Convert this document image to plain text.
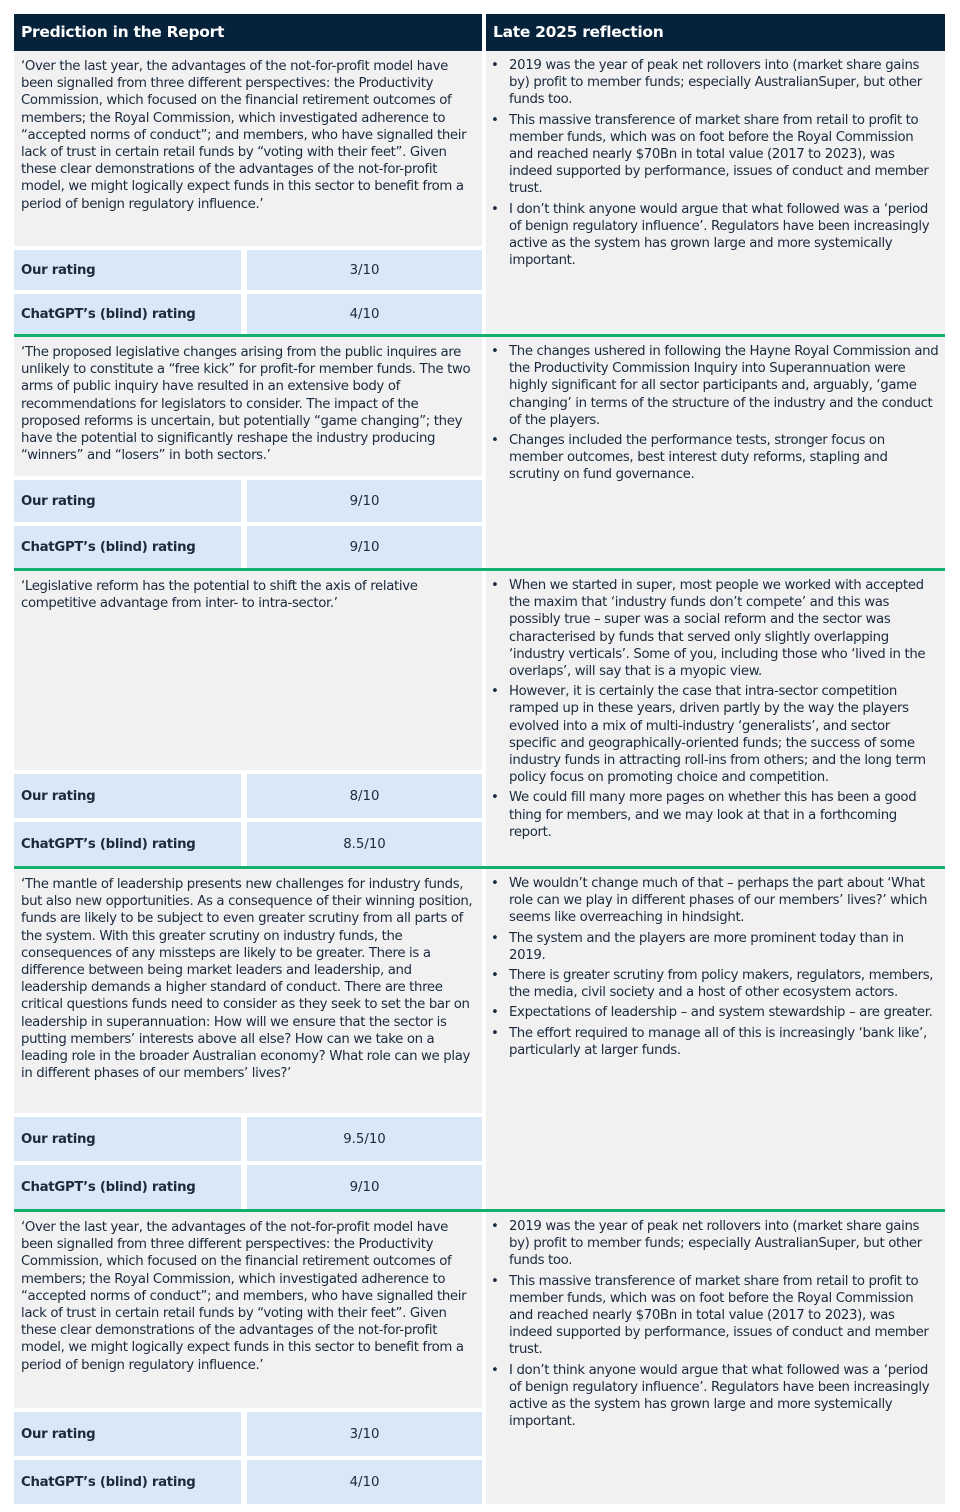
Prediction in the Report	Late 2025 reflection
‘Over the last year, the advantages of the not-for-profit model have been signalled from three different perspectives: the Productivity Commission, which focused on the financial retirement outcomes of members; the Royal Commission, which investigated adherence to “accepted norms of conduct”; and members, who have signalled their lack of trust in certain retail funds by “voting with their feet”. Given these clear demonstrations of the advantages of the not-for-profit model, we might logically expect funds in this sector to benefit from a period of benign regulatory influence.’
Our rating	3/10
ChatGPT’s (blind) rating	4/10
• 2019 was the year of peak net rollovers into (market share gains by) profit to member funds; especially AustralianSuper, but other funds too.
• This massive transference of market share from retail to profit to member funds, which was on foot before the Royal Commission and reached nearly $70Bn in total value (2017 to 2023), was indeed supported by performance, issues of conduct and member trust.
• I don’t think anyone would argue that what followed was a ‘period of benign regulatory influence’. Regulators have been increasingly active as the system has grown large and more systemically important.
‘The proposed legislative changes arising from the public inquires are unlikely to constitute a “free kick” for profit-for member funds. The two arms of public inquiry have resulted in an extensive body of recommendations for legislators to consider. The impact of the proposed reforms is uncertain, but potentially “game changing”; they have the potential to significantly reshape the industry producing “winners” and “losers” in both sectors.’
Our rating	9/10
ChatGPT’s (blind) rating	9/10
• The changes ushered in following the Hayne Royal Commission and the Productivity Commission Inquiry into Superannuation were highly significant for all sector participants and, arguably, ‘game changing’ in terms of the structure of the industry and the conduct of the players.
• Changes included the performance tests, stronger focus on member outcomes, best interest duty reforms, stapling and scrutiny on fund governance.
‘Legislative reform has the potential to shift the axis of relative competitive advantage from inter- to intra-sector.’
Our rating	8/10
ChatGPT’s (blind) rating	8.5/10
• When we started in super, most people we worked with accepted the maxim that ‘industry funds don’t compete’ and this was possibly true – super was a social reform and the sector was characterised by funds that served only slightly overlapping ‘industry verticals’. Some of you, including those who ‘lived in the overlaps’, will say that is a myopic view.
• However, it is certainly the case that intra-sector competition ramped up in these years, driven partly by the way the players evolved into a mix of multi-industry ‘generalists’, and sector specific and geographically-oriented funds; the success of some industry funds in attracting roll-ins from others; and the long term policy focus on promoting choice and competition.
• We could fill many more pages on whether this has been a good thing for members, and we may look at that in a forthcoming report.
‘The mantle of leadership presents new challenges for industry funds, but also new opportunities. As a consequence of their winning position, funds are likely to be subject to even greater scrutiny from all parts of the system. With this greater scrutiny on industry funds, the consequences of any missteps are likely to be greater. There is a difference between being market leaders and leadership, and leadership demands a higher standard of conduct. There are three critical questions funds need to consider as they seek to set the bar on leadership in superannuation: How will we ensure that the sector is putting members’ interests above all else? How can we take on a leading role in the broader Australian economy? What role can we play in different phases of our members’ lives?’
Our rating	9.5/10
ChatGPT’s (blind) rating	9/10
• We wouldn’t change much of that – perhaps the part about ‘What role can we play in different phases of our members’ lives?’ which seems like overreaching in hindsight.
• The system and the players are more prominent today than in 2019.
• There is greater scrutiny from policy makers, regulators, members, the media, civil society and a host of other ecosystem actors.
• Expectations of leadership – and system stewardship – are greater.
• The effort required to manage all of this is increasingly ‘bank like’, particularly at larger funds.
‘Over the last year, the advantages of the not-for-profit model have been signalled from three different perspectives: the Productivity Commission, which focused on the financial retirement outcomes of members; the Royal Commission, which investigated adherence to “accepted norms of conduct”; and members, who have signalled their lack of trust in certain retail funds by “voting with their feet”. Given these clear demonstrations of the advantages of the not-for-profit model, we might logically expect funds in this sector to benefit from a period of benign regulatory influence.’
Our rating	3/10
ChatGPT’s (blind) rating	4/10
• 2019 was the year of peak net rollovers into (market share gains by) profit to member funds; especially AustralianSuper, but other funds too.
• This massive transference of market share from retail to profit to member funds, which was on foot before the Royal Commission and reached nearly $70Bn in total value (2017 to 2023), was indeed supported by performance, issues of conduct and member trust.
• I don’t think anyone would argue that what followed was a ‘period of benign regulatory influence’. Regulators have been increasingly active as the system has grown large and more systemically important.
